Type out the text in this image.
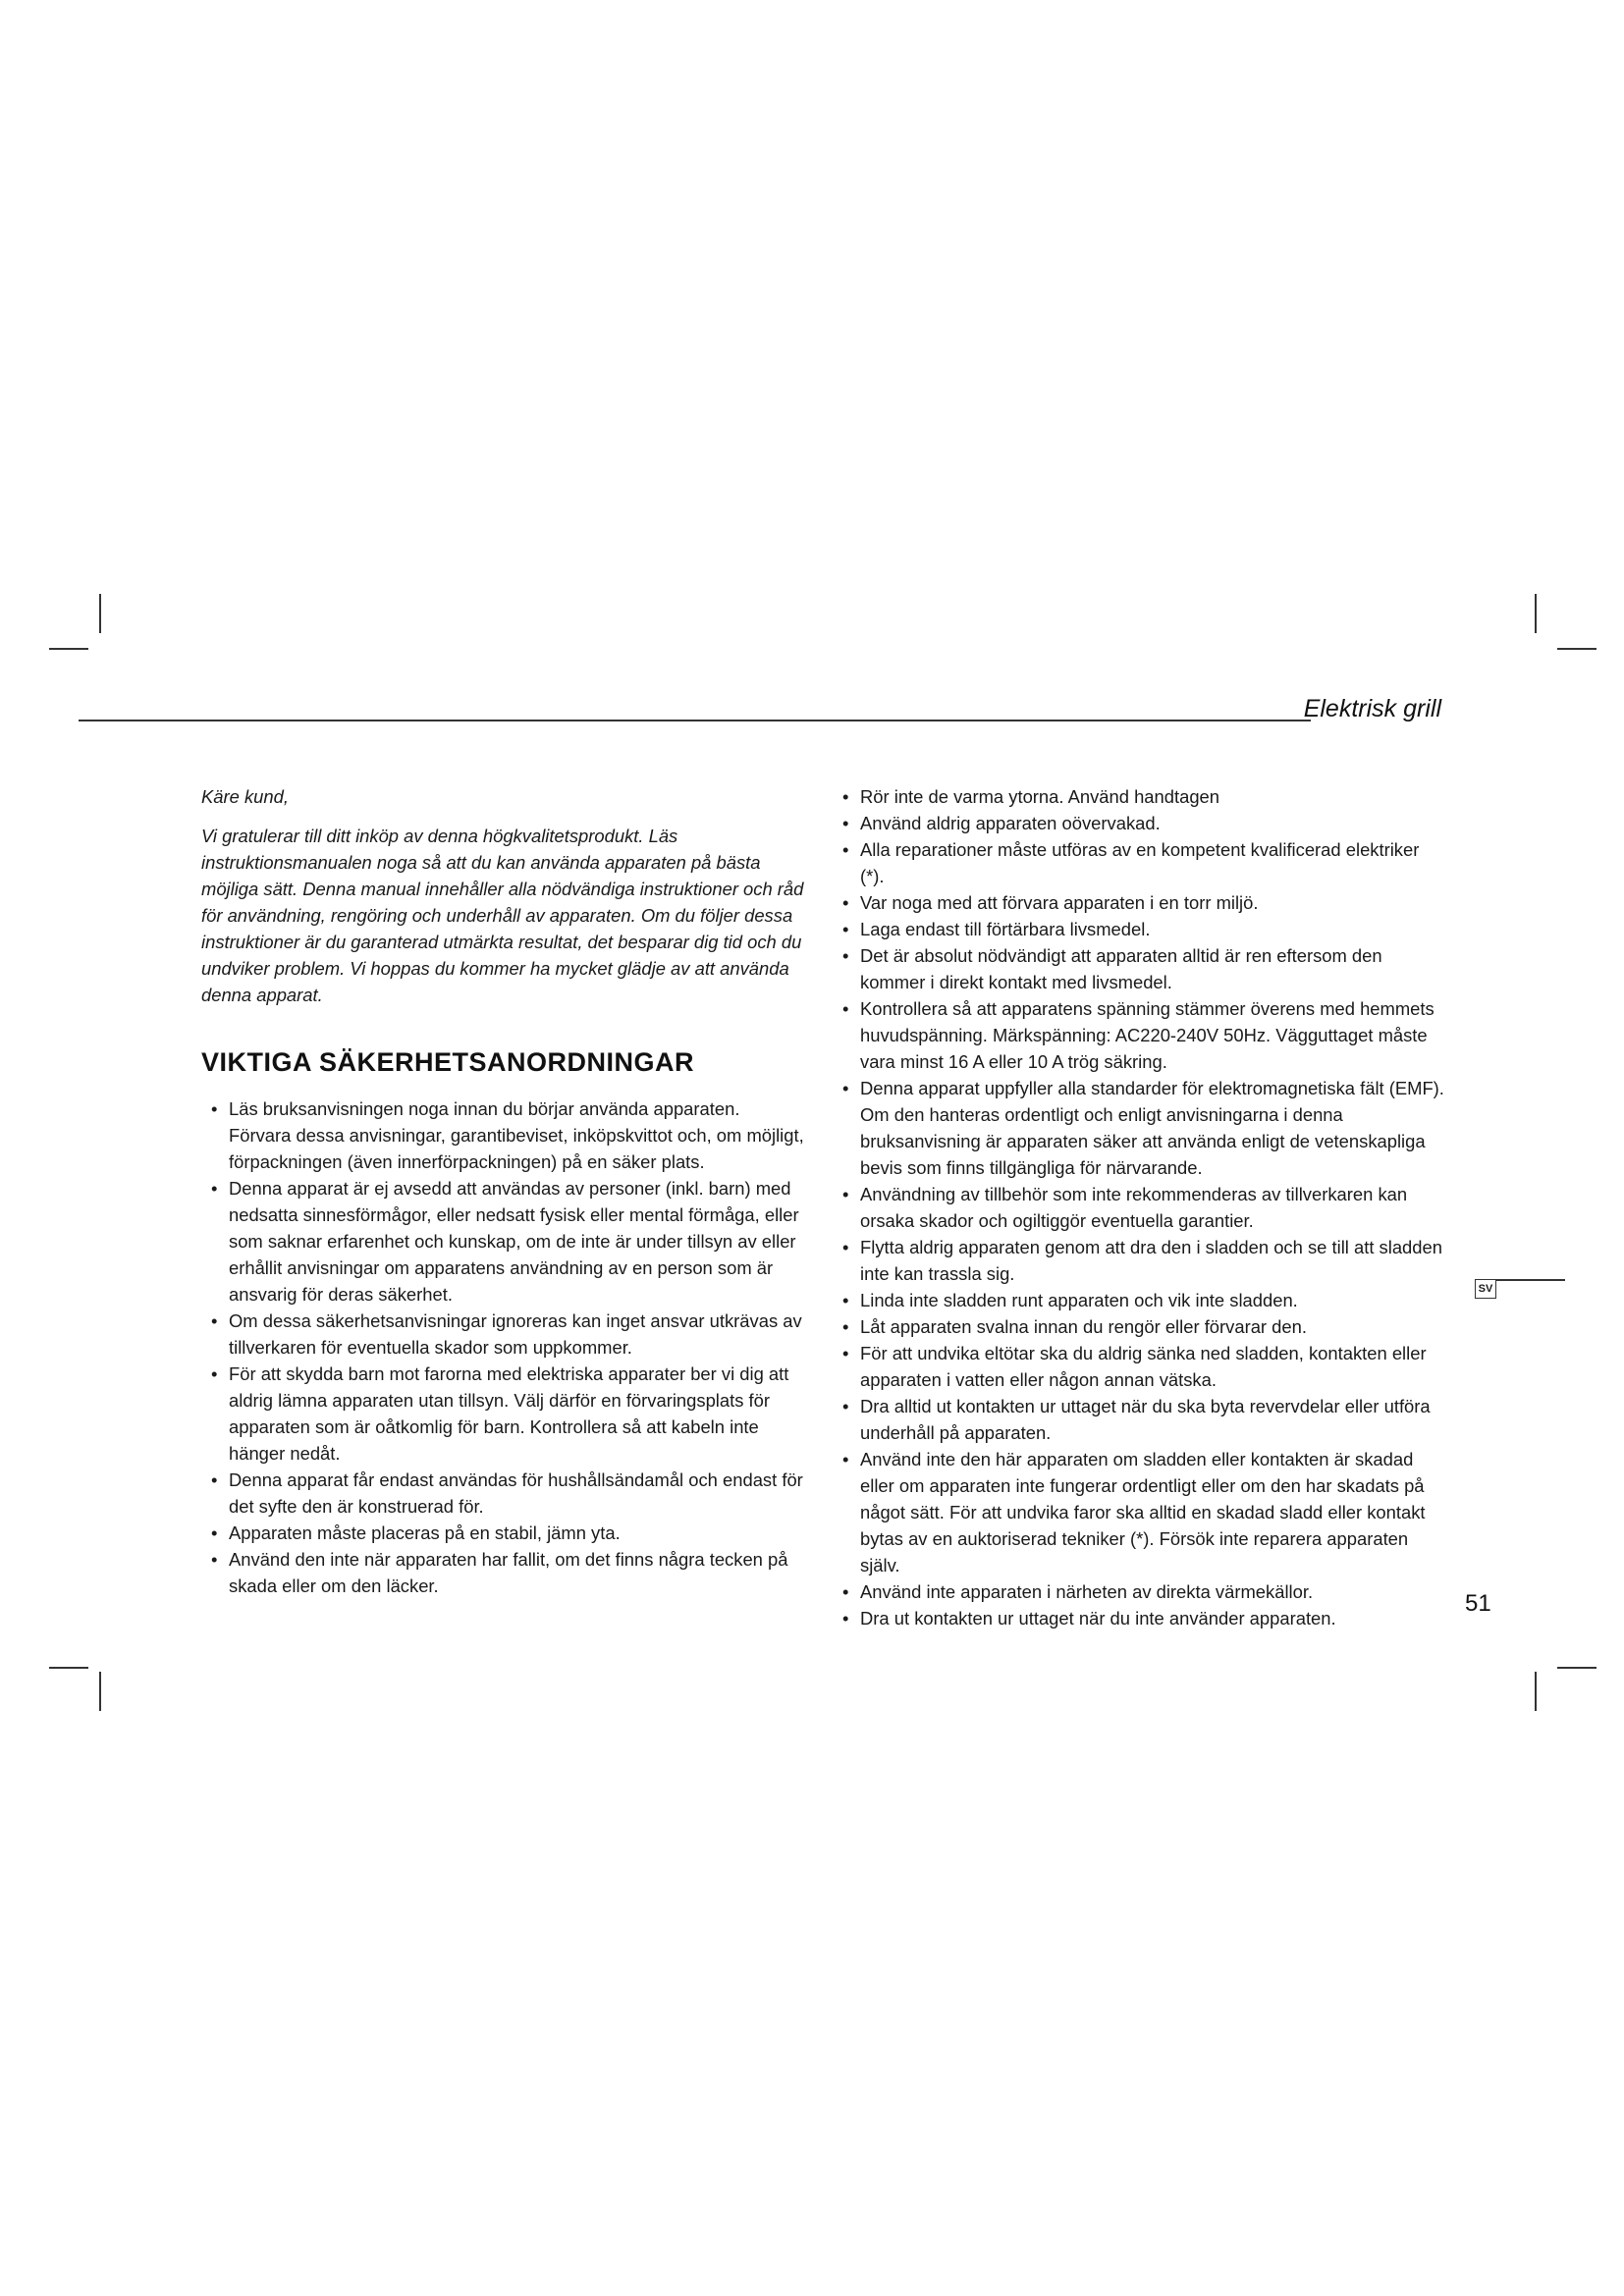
Elektrisk grill

Käre kund,

Vi gratulerar till ditt inköp av denna högkvalitetsprodukt. Läs instruktionsmanualen noga så att du kan använda apparaten på bästa möjliga sätt. Denna manual innehåller alla nödvändiga instruktioner och råd för användning, rengöring och underhåll av apparaten. Om du följer dessa instruktioner är du garanterad utmärkta resultat, det besparar dig tid och du undviker problem. Vi hoppas du kommer ha mycket glädje av att använda denna apparat.

VIKTIGA SÄKERHETSANORDNINGAR
• Läs bruksanvisningen noga innan du börjar använda apparaten. Förvara dessa anvisningar, garantibeviset, inköpskvittot och, om möjligt, förpackningen (även innerförpackningen) på en säker plats.
• Denna apparat är ej avsedd att användas av personer (inkl. barn) med nedsatta sinnesförmågor, eller nedsatt fysisk eller mental förmåga, eller som saknar erfarenhet och kunskap, om de inte är under tillsyn av eller erhållit anvisningar om apparatens användning av en person som är ansvarig för deras säkerhet.
• Om dessa säkerhetsanvisningar ignoreras kan inget ansvar utkrävas av tillverkaren för eventuella skador som uppkommer.
• För att skydda barn mot farorna med elektriska apparater ber vi dig att aldrig lämna apparaten utan tillsyn. Välj därför en förvaringsplats för apparaten som är oåtkomlig för barn. Kontrollera så att kabeln inte hänger nedåt.
• Denna apparat får endast användas för hushållsändamål och endast för det syfte den är konstruerad för.
• Apparaten måste placeras på en stabil, jämn yta.
• Använd den inte när apparaten har fallit, om det finns några tecken på skada eller om den läcker.
• Rör inte de varma ytorna. Använd handtagen
• Använd aldrig apparaten oövervakad.
• Alla reparationer måste utföras av en kompetent kvalificerad elektriker (*).
• Var noga med att förvara apparaten i en torr miljö.
• Laga endast till förtärbara livsmedel.
• Det är absolut nödvändigt att apparaten alltid är ren eftersom den kommer i direkt kontakt med livsmedel.
• Kontrollera så att apparatens spänning stämmer överens med hemmets huvudspänning. Märkspänning: AC220-240V 50Hz. Vägguttaget måste vara minst 16 A eller 10 A trög säkring.
• Denna apparat uppfyller alla standarder för elektromagnetiska fält (EMF). Om den hanteras ordentligt och enligt anvisningarna i denna bruksanvisning är apparaten säker att använda enligt de vetenskapliga bevis som finns tillgängliga för närvarande.
• Användning av tillbehör som inte rekommenderas av tillverkaren kan orsaka skador och ogiltiggör eventuella garantier.
• Flytta aldrig apparaten genom att dra den i sladden och se till att sladden inte kan trassla sig.
• Linda inte sladden runt apparaten och vik inte sladden.
• Låt apparaten svalna innan du rengör eller förvarar den.
• För att undvika eltötar ska du aldrig sänka ned sladden, kontakten eller apparaten i vatten eller någon annan vätska.
• Dra alltid ut kontakten ur uttaget när du ska byta revervdelar eller utföra underhåll på apparaten.
• Använd inte den här apparaten om sladden eller kontakten är skadad eller om apparaten inte fungerar ordentligt eller om den har skadats på något sätt. För att undvika faror ska alltid en skadad sladd eller kontakt bytas av en auktoriserad tekniker (*). Försök inte reparera apparaten själv.
• Använd inte apparaten i närheten av direkta värmekällor.
• Dra ut kontakten ur uttaget när du inte använder apparaten.
SV
51
